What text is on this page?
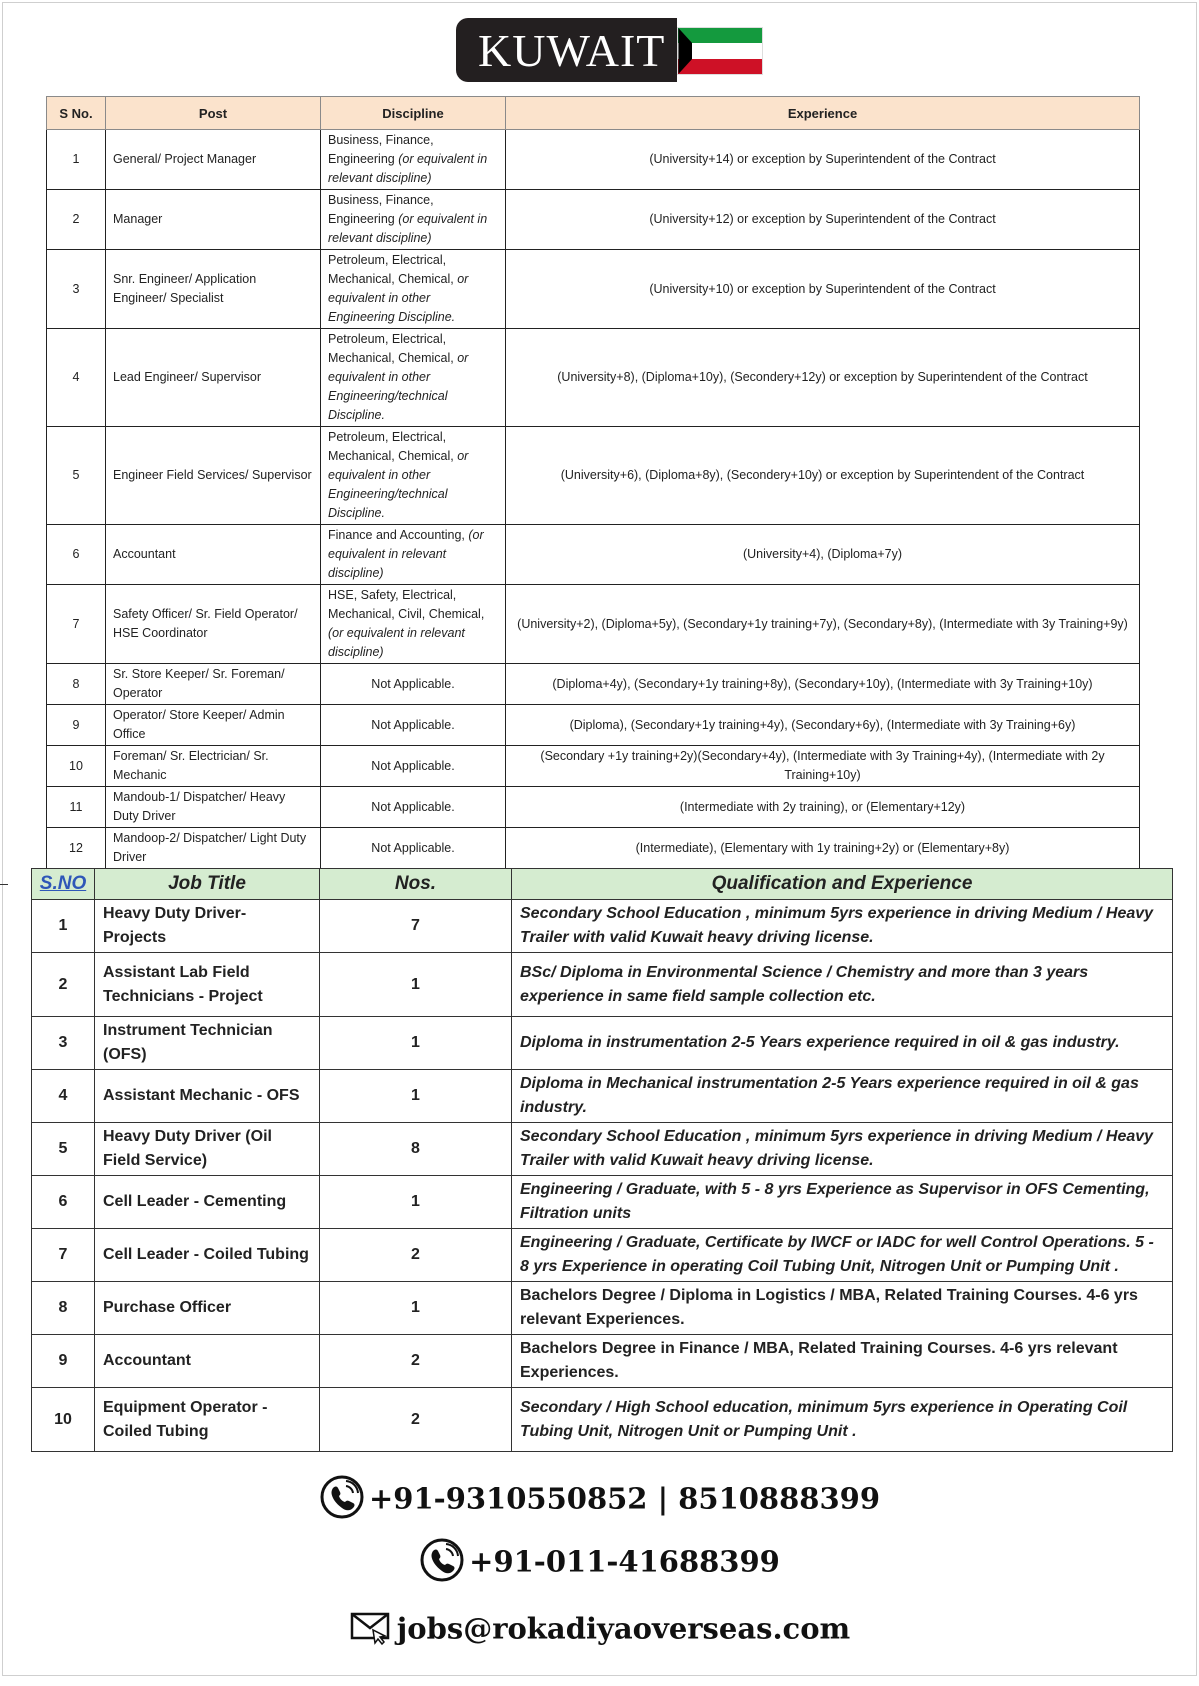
KUWAIT
S No.	Post	Discipline	Experience
1	General/ Project Manager	Business, Finance, Engineering (or equivalent in relevant discipline)	(University+14) or exception by Superintendent of the Contract
2	Manager	Business, Finance, Engineering (or equivalent in relevant discipline)	(University+12) or exception by Superintendent of the Contract
3	Snr. Engineer/ Application Engineer/ Specialist	Petroleum, Electrical, Mechanical, Chemical, or equivalent in other Engineering Discipline.	(University+10) or exception by Superintendent of the Contract
4	Lead Engineer/ Supervisor	Petroleum, Electrical, Mechanical, Chemical, or equivalent in other Engineering/technical Discipline.	(University+8), (Diploma+10y), (Secondery+12y) or exception by Superintendent of the Contract
5	Engineer Field Services/ Supervisor	Petroleum, Electrical, Mechanical, Chemical, or equivalent in other Engineering/technical Discipline.	(University+6), (Diploma+8y), (Secondery+10y) or exception by Superintendent of the Contract
6	Accountant	Finance and Accounting, (or equivalent in relevant discipline)	(University+4), (Diploma+7y)
7	Safety Officer/ Sr. Field Operator/ HSE Coordinator	HSE, Safety, Electrical, Mechanical, Civil, Chemical, (or equivalent in relevant discipline)	(University+2), (Diploma+5y), (Secondary+1y training+7y), (Secondary+8y), (Intermediate with 3y Training+9y)
8	Sr. Store Keeper/ Sr. Foreman/ Operator	Not Applicable.	(Diploma+4y), (Secondary+1y training+8y), (Secondary+10y), (Intermediate with 3y Training+10y)
9	Operator/ Store Keeper/ Admin Office	Not Applicable.	(Diploma), (Secondary+1y training+4y), (Secondary+6y), (Intermediate with 3y Training+6y)
10	Foreman/ Sr. Electrician/ Sr. Mechanic	Not Applicable.	(Secondary +1y training+2y)(Secondary+4y), (Intermediate with 3y Training+4y), (Intermediate with 2y Training+10y)
11	Mandoub-1/ Dispatcher/ Heavy Duty Driver	Not Applicable.	(Intermediate with 2y training), or (Elementary+12y)
12	Mandoop-2/ Dispatcher/ Light Duty Driver	Not Applicable.	(Intermediate), (Elementary with 1y training+2y) or (Elementary+8y)
S.NO	Job Title	Nos.	Qualification and Experience
1	Heavy Duty Driver- Projects	7	Secondary School Education , minimum 5yrs experience in driving Medium / Heavy Trailer with valid Kuwait heavy driving license.
2	Assistant Lab Field Technicians - Project	1	BSc/ Diploma in Environmental Science / Chemistry and more than 3 years experience in same field sample collection etc.
3	Instrument Technician (OFS)	1	Diploma in instrumentation 2-5 Years experience required in oil & gas industry.
4	Assistant Mechanic - OFS	1	Diploma in Mechanical instrumentation 2-5 Years experience required in oil & gas industry.
5	Heavy Duty Driver (Oil Field Service)	8	Secondary School Education , minimum 5yrs experience in driving Medium / Heavy Trailer with valid Kuwait heavy driving license.
6	Cell Leader - Cementing	1	Engineering / Graduate, with 5 - 8 yrs Experience as Supervisor in OFS Cementing, Filtration units
7	Cell Leader - Coiled Tubing	2	Engineering / Graduate, Certificate by IWCF or IADC for well Control Operations. 5 - 8 yrs Experience in operating Coil Tubing Unit, Nitrogen Unit or Pumping Unit .
8	Purchase Officer	1	Bachelors Degree / Diploma in Logistics / MBA, Related Training Courses. 4-6 yrs relevant Experiences.
9	Accountant	2	Bachelors Degree in Finance / MBA, Related Training Courses. 4-6 yrs relevant Experiences.
10	Equipment Operator - Coiled Tubing	2	Secondary / High School education, minimum 5yrs experience in Operating Coil Tubing Unit, Nitrogen Unit or Pumping Unit .
+91-9310550852 | 8510888399
+91-011-41688399
jobs@rokadiyaoverseas.com
